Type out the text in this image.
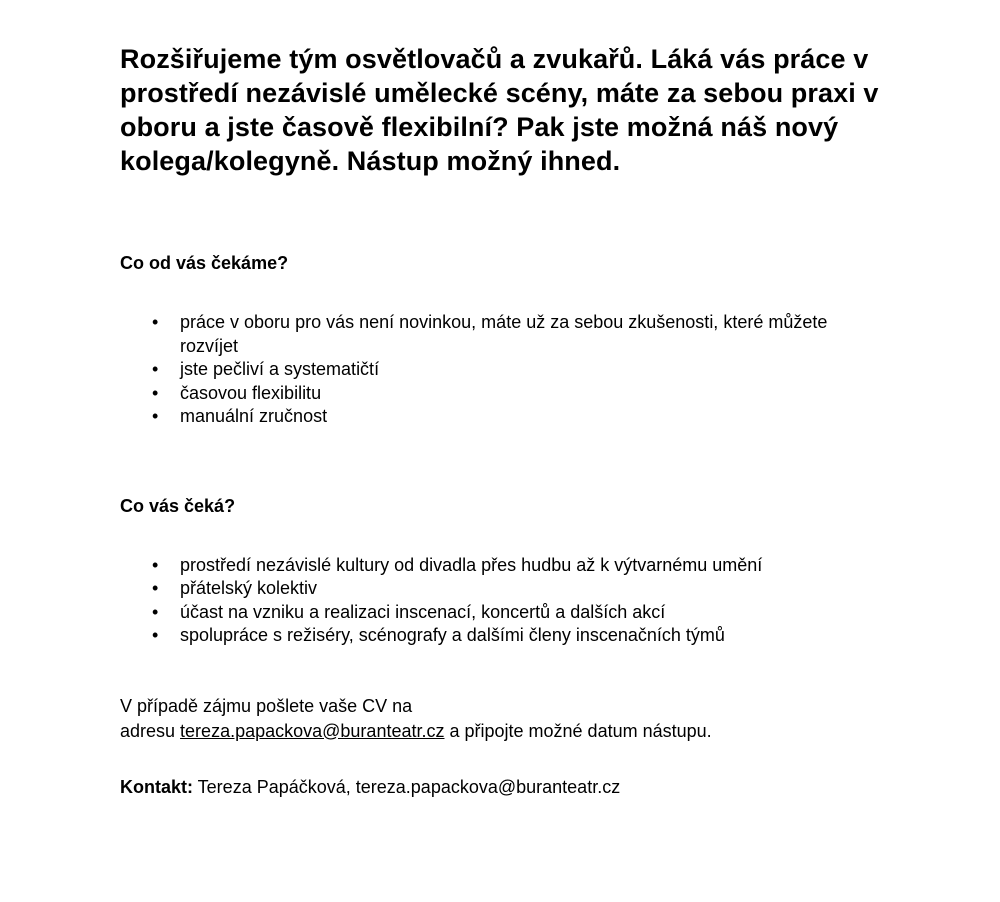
Rozšiřujeme tým osvětlovačů a zvukařů. Láká vás práce v prostředí nezávislé umělecké scény, máte za sebou praxi v oboru a jste časově flexibilní? Pak jste možná náš nový kolega/kolegyně. Nástup možný ihned.
Co od vás čekáme?
• práce v oboru pro vás není novinkou, máte už za sebou zkušenosti, které můžete rozvíjet
• jste pečliví a systematičtí
• časovou flexibilitu
• manuální zručnost
Co vás čeká?
• prostředí nezávislé kultury od divadla přes hudbu až k výtvarnému umění
• přátelský kolektiv
• účast na vzniku a realizaci inscenací, koncertů a dalších akcí
• spolupráce s režiséry, scénografy a dalšími členy inscenačních týmů

V případě zájmu pošlete vaše CV na
adresu tereza.papackova@buranteatr.cz a připojte možné datum nástupu.

Kontakt: Tereza Papáčková, tereza.papackova@buranteatr.cz
